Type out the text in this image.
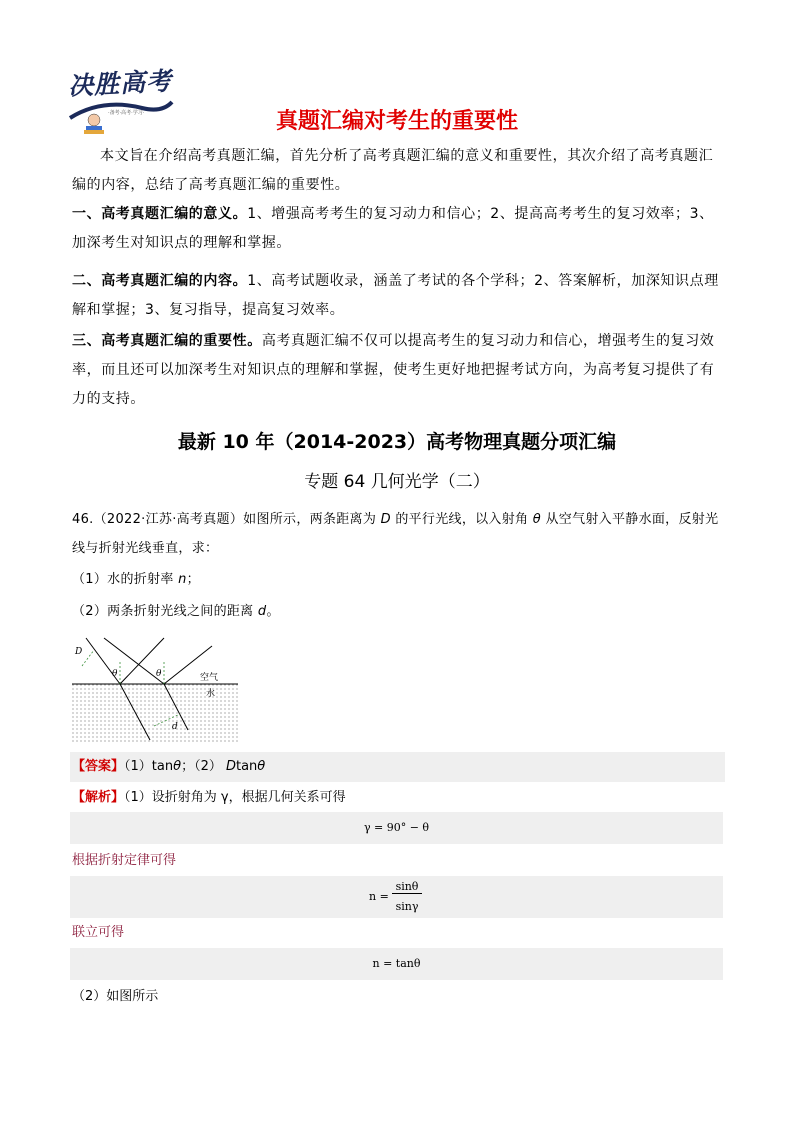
决胜高考
·备考·高考·学习·	真题汇编对考生的重要性
本文旨在介绍高考真题汇编，首先分析了高考真题汇编的意义和重要性，其次介绍了高考真题汇编的内容，总结了高考真题汇编的重要性。
一、高考真题汇编的意义。1、增强高考考生的复习动力和信心；2、提高高考考生的复习效率；3、加深考生对知识点的理解和掌握。
二、高考真题汇编的内容。1、高考试题收录，涵盖了考试的各个学科；2、答案解析，加深知识点理解和掌握；3、复习指导，提高复习效率。
三、高考真题汇编的重要性。高考真题汇编不仅可以提高考生的复习动力和信心，增强考生的复习效率，而且还可以加深考生对知识点的理解和掌握，使考生更好地把握考试方向，为高考复习提供了有力的支持。
最新 10 年（2014-2023）高考物理真题分项汇编
专题 64 几何光学（二）
46.（2022·江苏·高考真题）如图所示，两条距离为 D 的平行光线，以入射角 θ 从空气射入平静水面，反射光线与折射光线垂直，求：
（1）水的折射率 n；
（2）两条折射光线之间的距离 d。
D
θ	θ	空气
水
d
【答案】（1）tanθ；（2） Dtanθ
【解析】（1）设折射角为 γ，根据几何关系可得
γ = 90° − θ
根据折射定律可得
n =
sinθ
sinγ
联立可得
n = tanθ
（2）如图所示
